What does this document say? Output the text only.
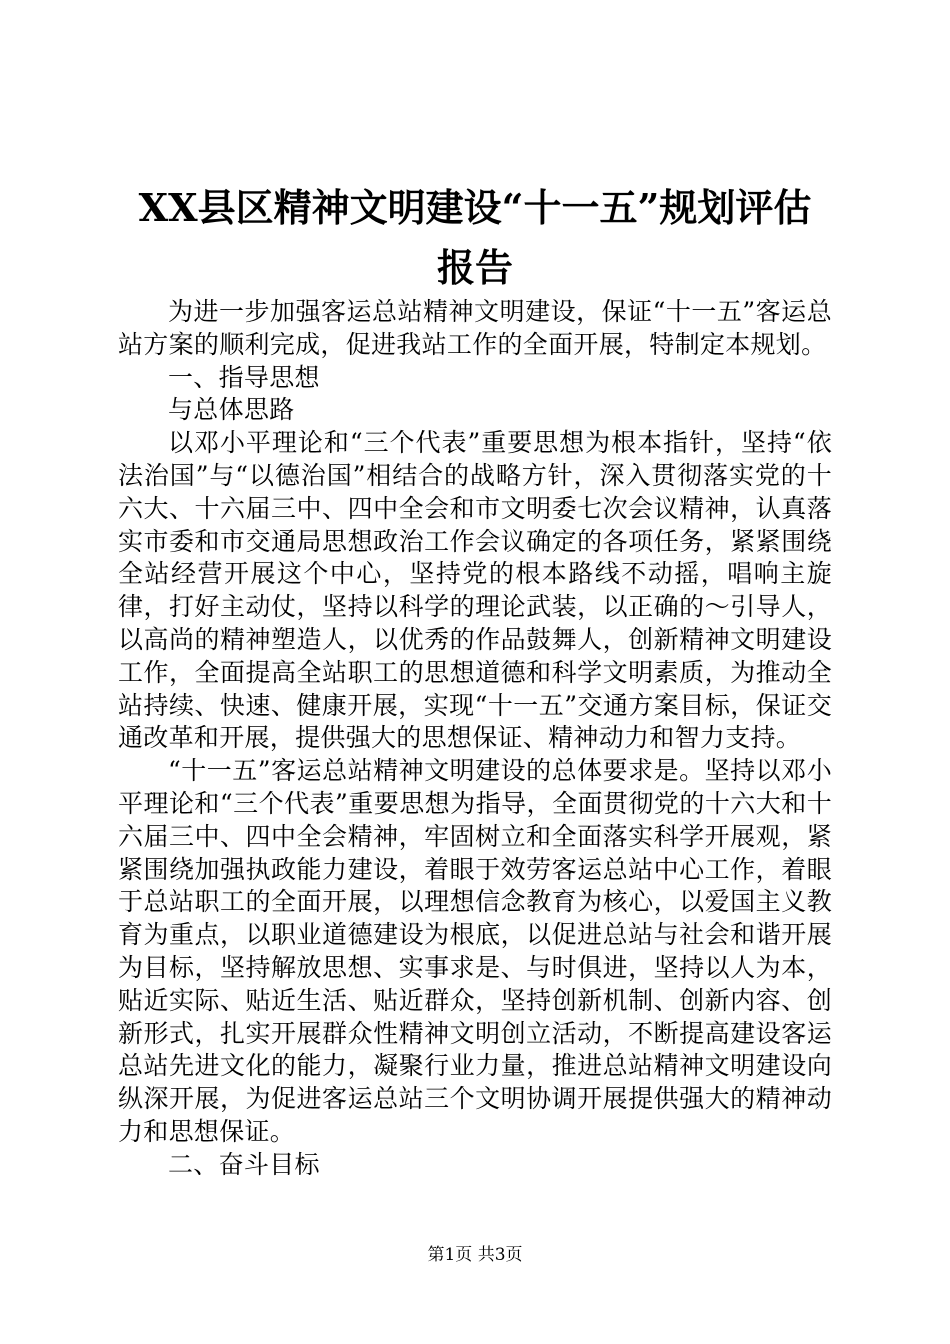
XX县区精神文明建设“十一五”规划评估报告

为进一步加强客运总站精神文明建设，保证“十一五”客运总站方案的顺利完成，促进我站工作的全面开展，特制定本规划。

一、指导思想

与总体思路

以邓小平理论和“三个代表”重要思想为根本指针，坚持“依法治国”与“以德治国”相结合的战略方针，深入贯彻落实党的十六大、十六届三中、四中全会和市文明委七次会议精神，认真落实市委和市交通局思想政治工作会议确定的各项任务，紧紧围绕全站经营开展这个中心，坚持党的根本路线不动摇，唱响主旋律，打好主动仗，坚持以科学的理论武装，以正确的～引导人，以高尚的精神塑造人，以优秀的作品鼓舞人，创新精神文明建设工作，全面提高全站职工的思想道德和科学文明素质，为推动全站持续、快速、健康开展，实现“十一五”交通方案目标，保证交通改革和开展，提供强大的思想保证、精神动力和智力支持。

“十一五”客运总站精神文明建设的总体要求是。坚持以邓小平理论和“三个代表”重要思想为指导，全面贯彻党的十六大和十六届三中、四中全会精神，牢固树立和全面落实科学开展观，紧紧围绕加强执政能力建设，着眼于效劳客运总站中心工作，着眼于总站职工的全面开展，以理想信念教育为核心，以爱国主义教育为重点，以职业道德建设为根底，以促进总站与社会和谐开展为目标，坚持解放思想、实事求是、与时俱进，坚持以人为本，贴近实际、贴近生活、贴近群众，坚持创新机制、创新内容、创新形式，扎实开展群众性精神文明创立活动，不断提高建设客运总站先进文化的能力，凝聚行业力量，推进总站精神文明建设向纵深开展，为促进客运总站三个文明协调开展提供强大的精神动力和思想保证。

二、奋斗目标

第1页 共3页
